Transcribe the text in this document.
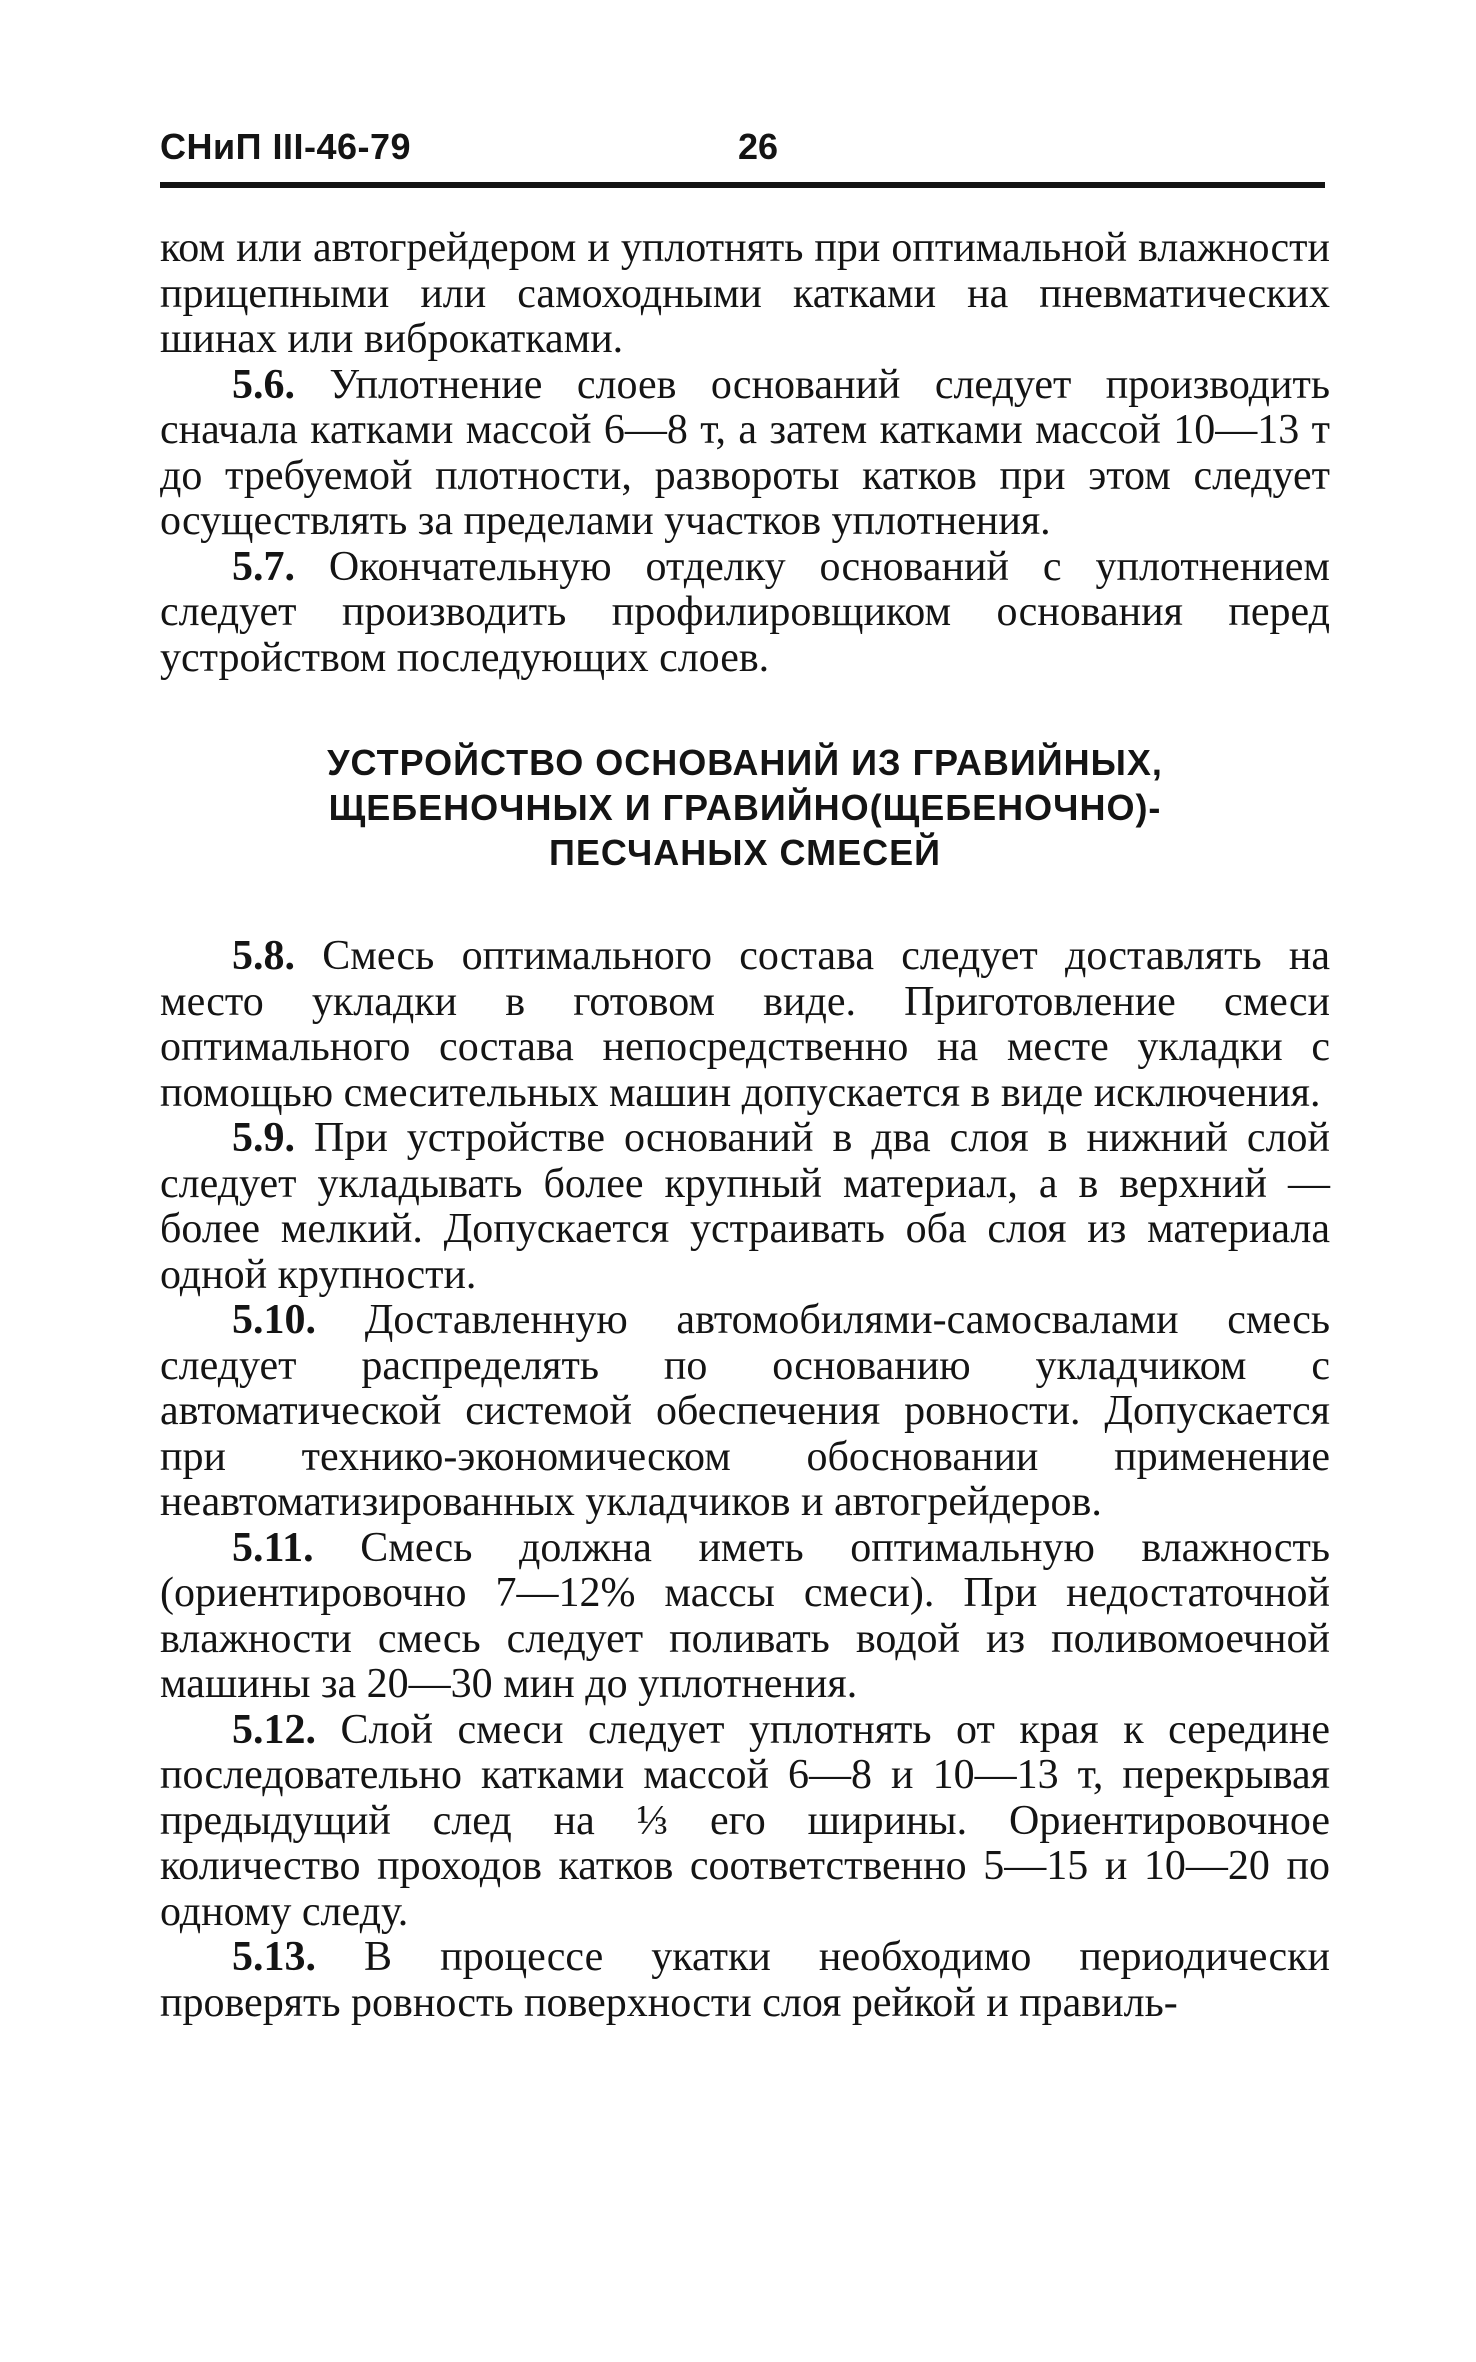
СНиП III-46-79	26

ком или автогрейдером и уплотнять при оптимальной влажности прицепными или самоходными катками на пневматических шинах или виброкатками.

5.6. Уплотнение слоев оснований следует производить сначала катками массой 6—8 т, а затем катками массой 10—13 т до требуемой плотности, развороты катков при этом следует осуществлять за пределами участков уплотнения.

5.7. Окончательную отделку оснований с уплотнением следует производить профилировщиком основания перед устройством последующих слоев.

УСТРОЙСТВО ОСНОВАНИЙ ИЗ ГРАВИЙНЫХ,
ЩЕБЕНОЧНЫХ И ГРАВИЙНО(ЩЕБЕНОЧНО)-
ПЕСЧАНЫХ СМЕСЕЙ

5.8. Смесь оптимального состава следует доставлять на место укладки в готовом виде. Приготовление смеси оптимального состава непосредственно на месте укладки с помощью смесительных машин допускается в виде исключения.

5.9. При устройстве оснований в два слоя в нижний слой следует укладывать более крупный материал, а в верхний — более мелкий. Допускается устраивать оба слоя из материала одной крупности.

5.10. Доставленную автомобилями-самосвалами смесь следует распределять по основанию укладчиком с автоматической системой обеспечения ровности. Допускается при технико-экономическом обосновании применение неавтоматизированных укладчиков и автогрейдеров.

5.11. Смесь должна иметь оптимальную влажность (ориентировочно 7—12% массы смеси). При недостаточной влажности смесь следует поливать водой из поливомоечной машины за 20—30 мин до уплотнения.

5.12. Слой смеси следует уплотнять от края к середине последовательно катками массой 6—8 и 10—13 т, перекрывая предыдущий след на ⅓ его ширины. Ориентировочное количество проходов катков соответственно 5—15 и 10—20 по одному следу.

5.13. В процессе укатки необходимо периодически проверять ровность поверхности слоя рейкой и правиль-
